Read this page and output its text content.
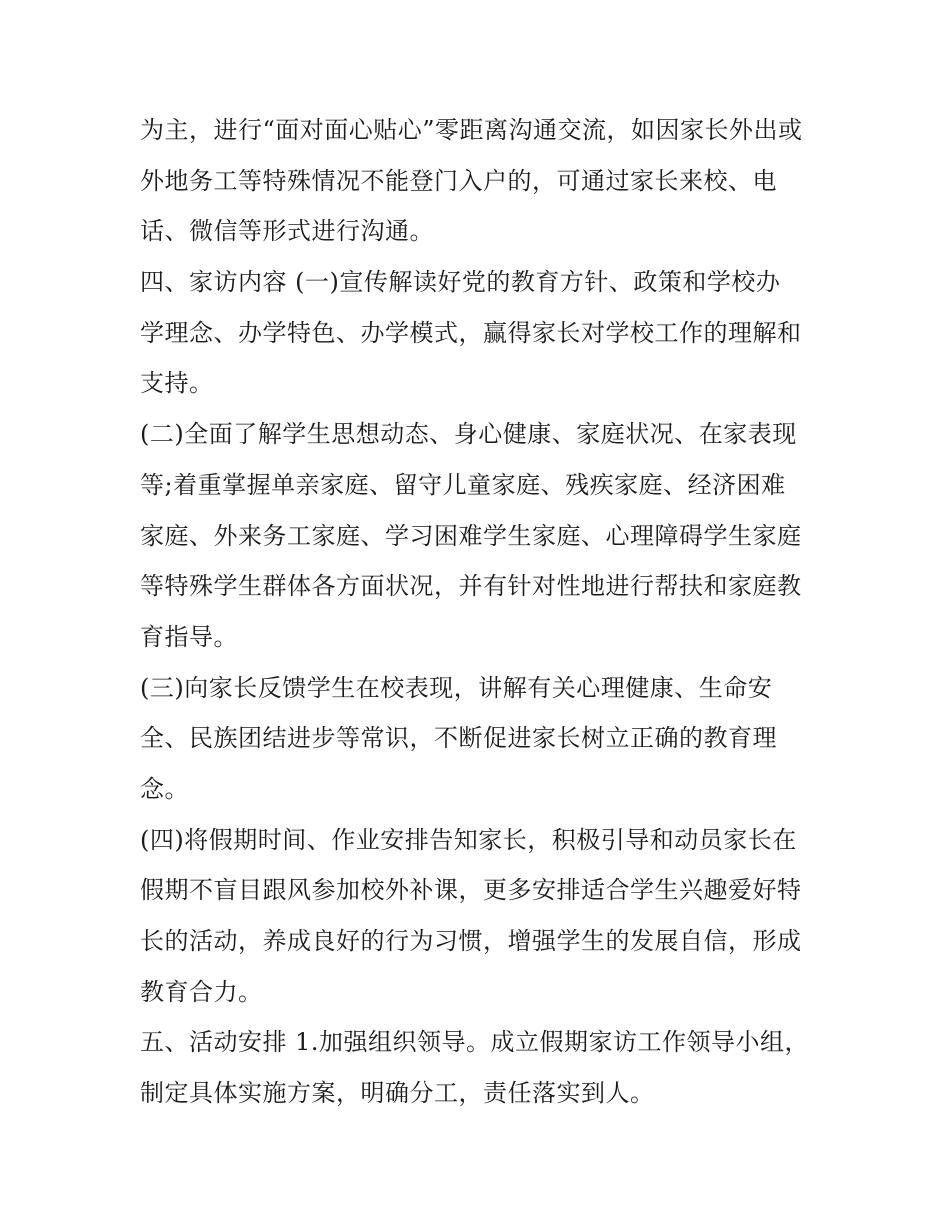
为主，进行“面对面心贴心”零距离沟通交流，如因家长外出或
外地务工等特殊情况不能登门入户的，可通过家长来校、电
话、微信等形式进行沟通。
四、家访内容 (一)宣传解读好党的教育方针、政策和学校办
学理念、办学特色、办学模式，赢得家长对学校工作的理解和
支持。
(二)全面了解学生思想动态、身心健康、家庭状况、在家表现
等;着重掌握单亲家庭、留守儿童家庭、残疾家庭、经济困难
家庭、外来务工家庭、学习困难学生家庭、心理障碍学生家庭
等特殊学生群体各方面状况，并有针对性地进行帮扶和家庭教
育指导。
(三)向家长反馈学生在校表现，讲解有关心理健康、生命安
全、民族团结进步等常识，不断促进家长树立正确的教育理
念。
(四)将假期时间、作业安排告知家长，积极引导和动员家长在
假期不盲目跟风参加校外补课，更多安排适合学生兴趣爱好特
长的活动，养成良好的行为习惯，增强学生的发展自信，形成
教育合力。
五、活动安排 1.加强组织领导。成立假期家访工作领导小组，
制定具体实施方案，明确分工，责任落实到人。
